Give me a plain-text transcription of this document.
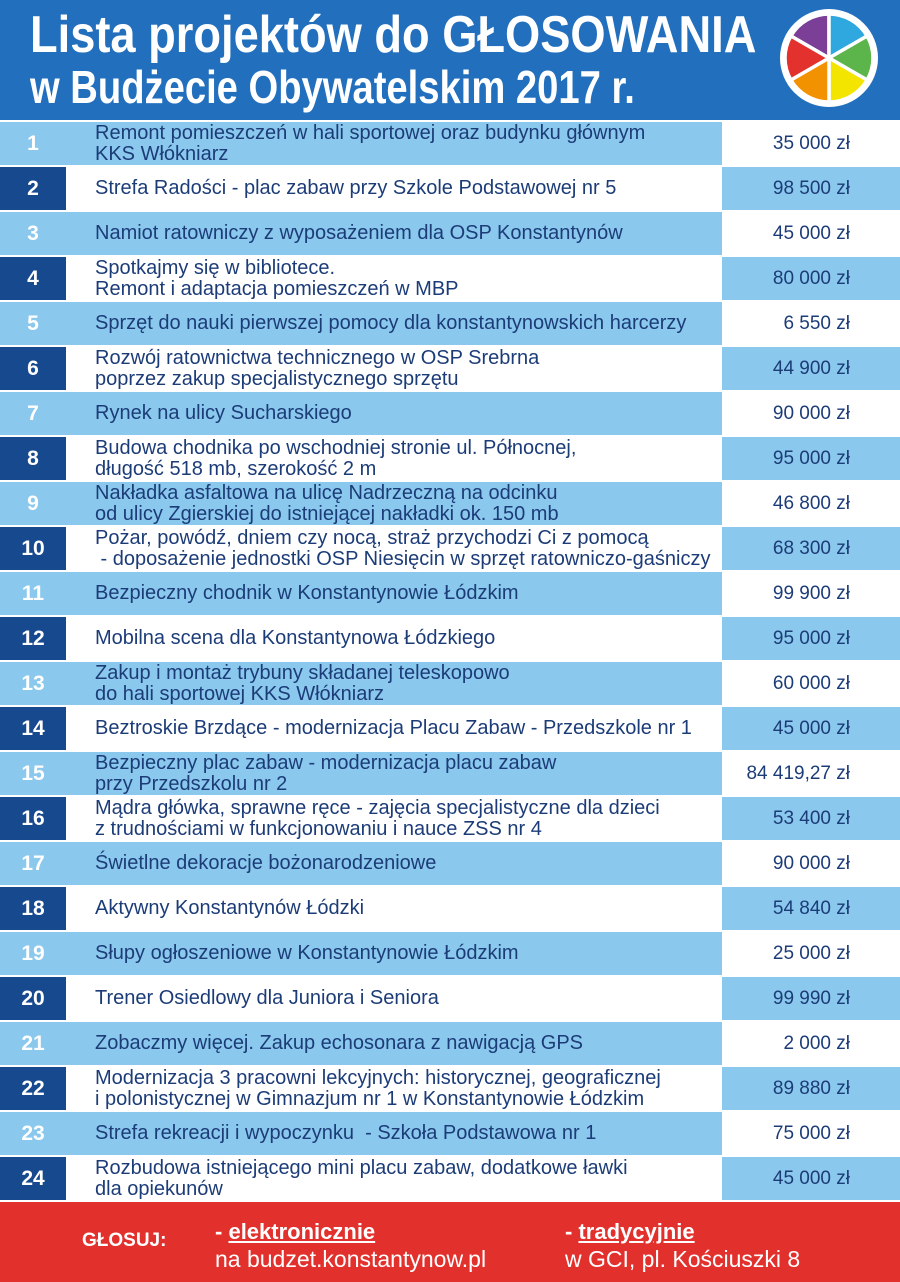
Lista projektów do GŁOSOWANIA
w Budżecie Obywatelskim 2017 r.
1	Remont pomieszczeń w hali sportowej oraz budynku głównym
KKS Włókniarz	35 000 zł
2	Strefa Radości - plac zabaw przy Szkole Podstawowej nr 5	98 500 zł
3	Namiot ratowniczy z wyposażeniem dla OSP Konstantynów	45 000 zł
4	Spotkajmy się w bibliotece.
Remont i adaptacja pomieszczeń w MBP	80 000 zł
5	Sprzęt do nauki pierwszej pomocy dla konstantynowskich harcerzy	6 550 zł
6	Rozwój ratownictwa technicznego w OSP Srebrna
poprzez zakup specjalistycznego sprzętu	44 900 zł
7	Rynek na ulicy Sucharskiego	90 000 zł
8	Budowa chodnika po wschodniej stronie ul. Północnej,
długość 518 mb, szerokość 2 m	95 000 zł
9	Nakładka asfaltowa na ulicę Nadrzeczną na odcinku
od ulicy Zgierskiej do istniejącej nakładki ok. 150 mb	46 800 zł
10	Pożar, powódź, dniem czy nocą, straż przychodzi Ci z pomocą
- doposażenie jednostki OSP Niesięcin w sprzęt ratowniczo-gaśniczy	68 300 zł
11	Bezpieczny chodnik w Konstantynowie Łódzkim	99 900 zł
12	Mobilna scena dla Konstantynowa Łódzkiego	95 000 zł
13	Zakup i montaż trybuny składanej teleskopowo
do hali sportowej KKS Włókniarz	60 000 zł
14	Beztroskie Brzdące - modernizacja Placu Zabaw - Przedszkole nr 1	45 000 zł
15	Bezpieczny plac zabaw - modernizacja placu zabaw
przy Przedszkolu nr 2	84 419,27 zł
16	Mądra główka, sprawne ręce - zajęcia specjalistyczne dla dzieci
z trudnościami w funkcjonowaniu i nauce ZSS nr 4	53 400 zł
17	Świetlne dekoracje bożonarodzeniowe	90 000 zł
18	Aktywny Konstantynów Łódzki	54 840 zł
19	Słupy ogłoszeniowe w Konstantynowie Łódzkim	25 000 zł
20	Trener Osiedlowy dla Juniora i Seniora	99 990 zł
21	Zobaczmy więcej. Zakup echosonara z nawigacją GPS	2 000 zł
22	Modernizacja 3 pracowni lekcyjnych: historycznej, geograficznej
i polonistycznej w Gimnazjum nr 1 w Konstantynowie Łódzkim	89 880 zł
23	Strefa rekreacji i wypoczynku  - Szkoła Podstawowa nr 1	75 000 zł
24	Rozbudowa istniejącego mini placu zabaw, dodatkowe ławki
dla opiekunów	45 000 zł
GŁOSUJ: - elektronicznie
na budzet.konstantynow.pl
- tradycyjnie
w GCI, pl. Kościuszki 8
